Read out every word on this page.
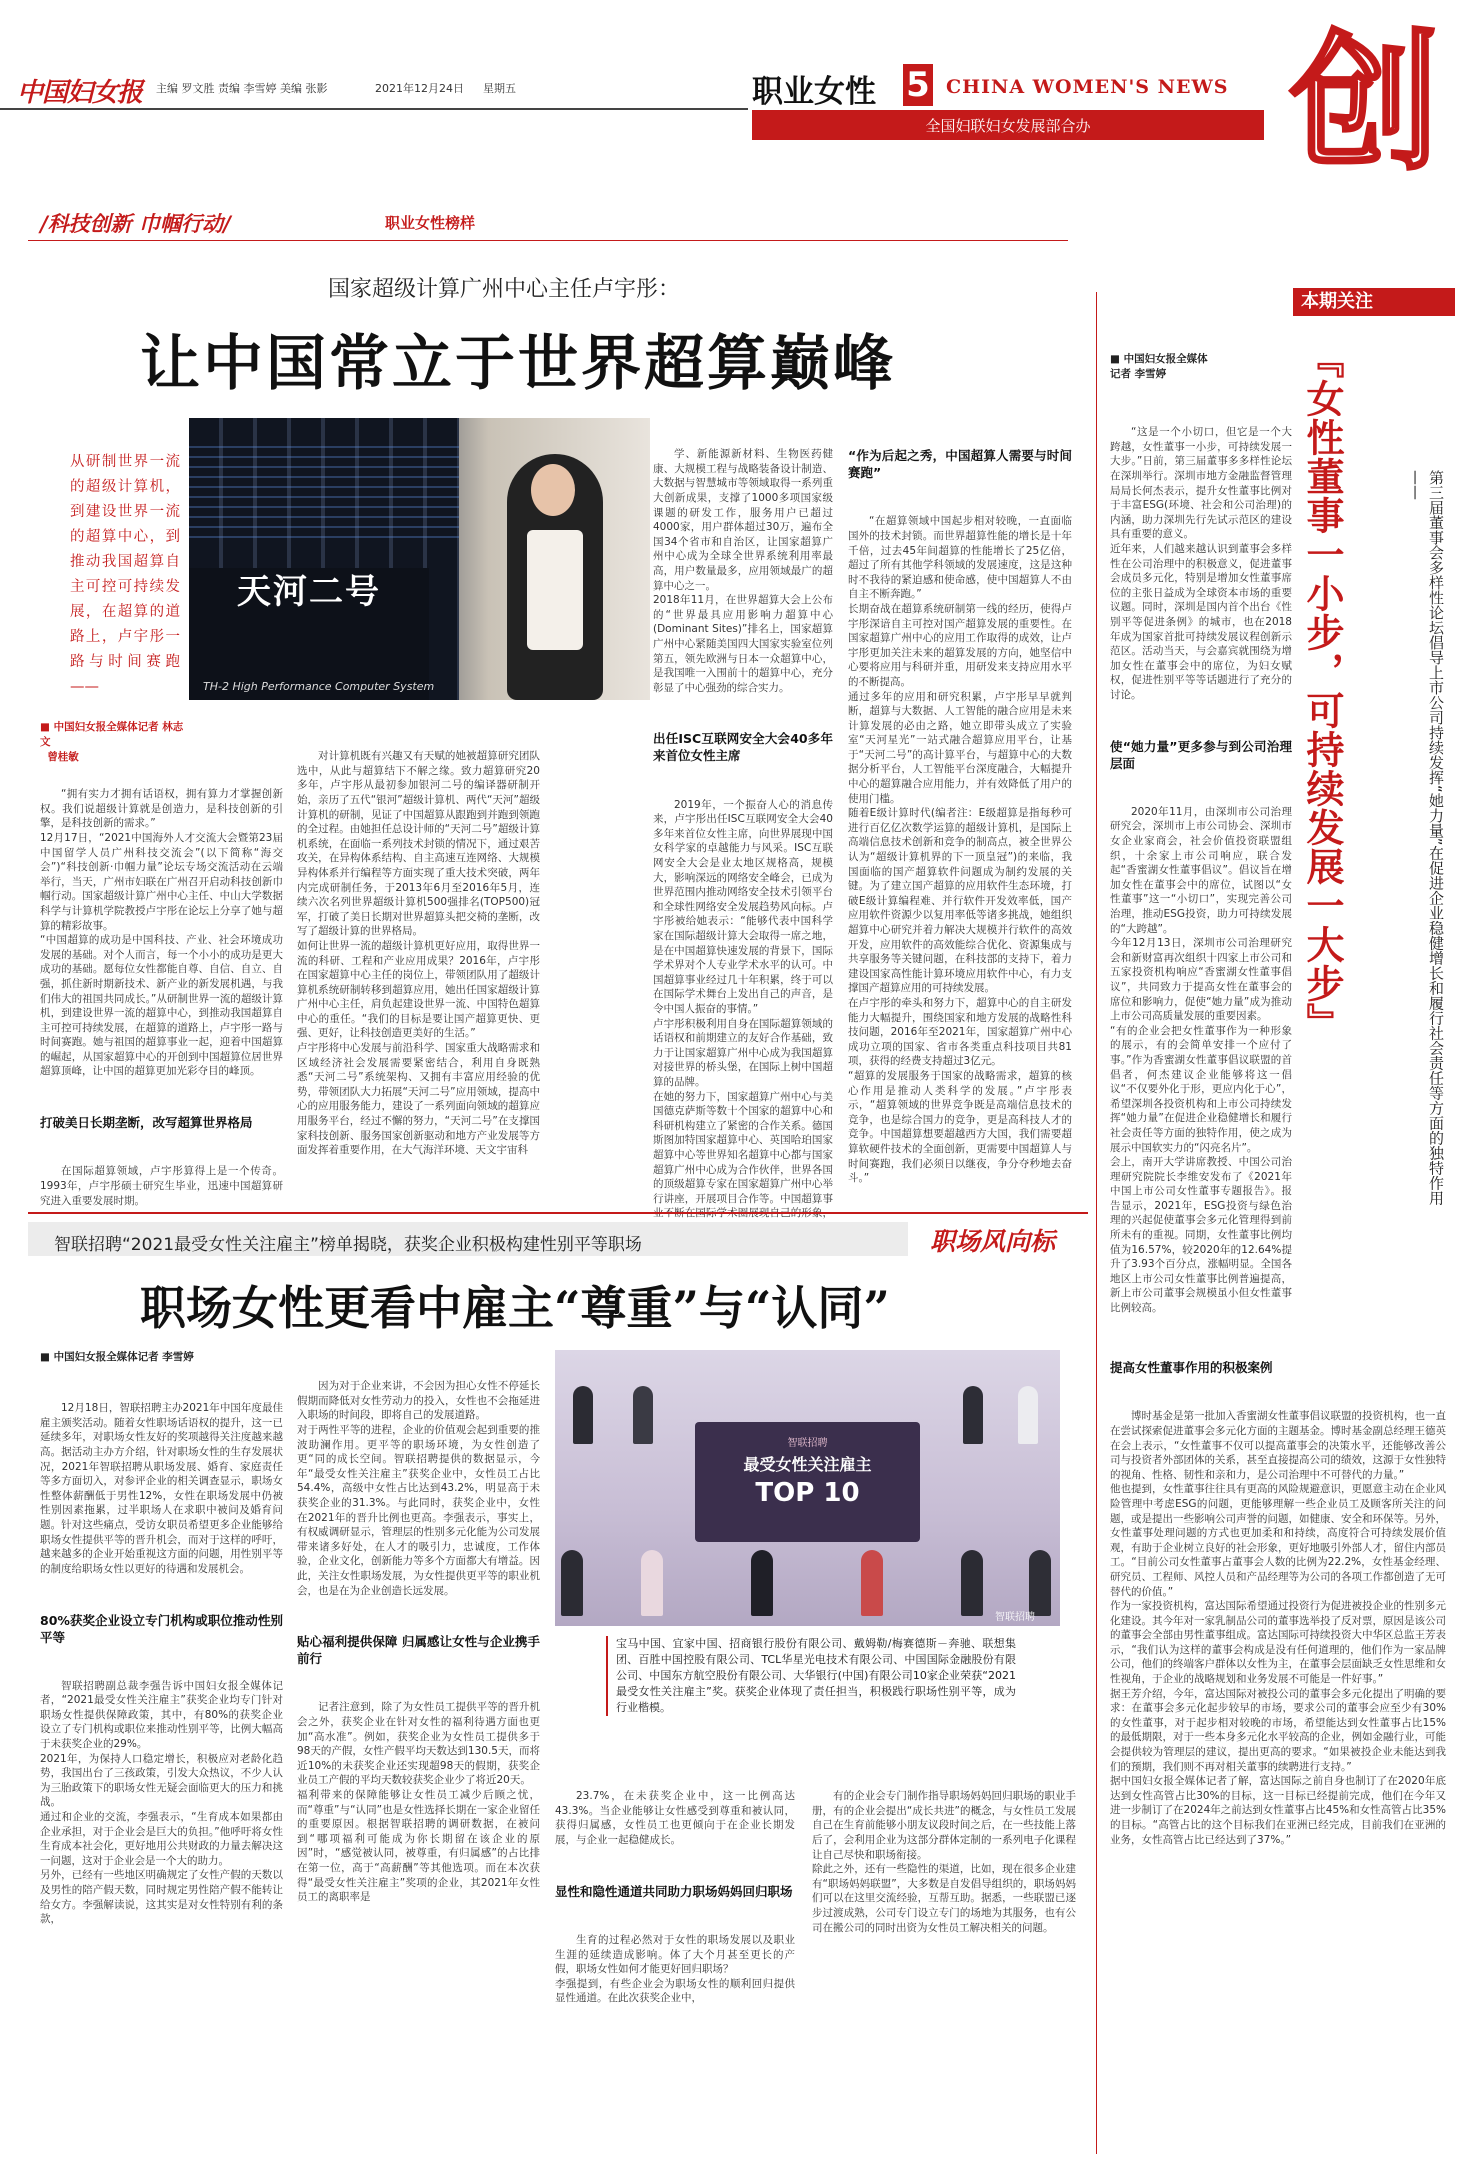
中国妇女报 主编 罗文胜 责编 李雪婷 美编 张影	2021年12月24日 星期五	职业女性 5 CHINA WOMEN'S NEWS
全国妇联妇女发展部合办	创
/科技创新 巾帼行动/	职业女性榜样
国家超级计算广州中心主任卢宇彤：
让中国常立于世界超算巅峰
天河二号
TH-2 High Performance Computer System
从研制世界一流的超级计算机，到建设世界一流的超算中心，到推动我国超算自主可控可持续发展，在超算的道路上，卢宇彤一路与时间赛跑——
■ 中国妇女报全媒体记者 林志文
曾桂敏

“拥有实力才拥有话语权，拥有算力才掌握创新权。我们说超级计算就是创造力，是科技创新的引擎，是科技创新的需求。”
12月17日，“2021中国海外人才交流大会暨第23届中国留学人员广州科技交流会”(以下简称“海交会”)“科技创新·巾帼力量”论坛专场交流活动在云端举行，当天，广州市妇联在广州召开启动科技创新巾帼行动。国家超级计算广州中心主任、中山大学数据科学与计算机学院教授卢宇彤在论坛上分享了她与超算的精彩故事。
“中国超算的成功是中国科技、产业、社会环境成功发展的基础。对个人而言，每一个小小的成功是更大成功的基础。愿每位女性都能自尊、自信、自立、自强，抓住新时期新技术、新产业的新发展机遇，与我们伟大的祖国共同成长。”从研制世界一流的超级计算机，到建设世界一流的超算中心，到推动我国超算自主可控可持续发展，在超算的道路上，卢宇彤一路与时间赛跑。她与祖国的超算事业一起，迎着中国超算的崛起，从国家超算中心的开创到中国超算位居世界超算顶峰，让中国的超算更加光彩夺目的峰顶。

打破美日长期垄断，改写超算世界格局

在国际超算领域，卢宇彤算得上是一个传奇。1993年，卢宇彤硕士研究生毕业，迅速中国超算研究进入重要发展时期。

对计算机既有兴趣又有天赋的她被超算研究团队选中，从此与超算结下不解之缘。致力超算研究20多年，卢宇彤从最初参加银河二号的编译器研制开始，亲历了五代“银河”超级计算机、两代“天河”超级计算机的研制，见证了中国超算从跟跑到并跑到领跑的全过程。由她担任总设计师的“天河二号”超级计算机系统，在面临一系列技术封锁的情况下，通过艰苦攻关，在异构体系结构、自主高速互连网络、大规模异构体系并行编程等方面实现了重大技术突破，两年内完成研制任务，于2013年6月至2016年5月，连续六次名列世界超级计算机500强排名(TOP500)冠军，打破了美日长期对世界超算头把交椅的垄断，改写了超级计算的世界格局。
如何让世界一流的超级计算机更好应用，取得世界一流的科研、工程和产业应用成果？2016年，卢宇彤在国家超算中心主任的岗位上，带领团队用了超级计算机系统研制转移到超算应用，她出任国家超级计算广州中心主任，肩负起建设世界一流、中国特色超算中心的重任。“我们的目标是要让国产超算更快、更强、更好，让科技创造更美好的生活。”
卢宇彤将中心发展与前沿科学、国家重大战略需求和区域经济社会发展需要紧密结合，利用自身既熟悉“天河二号”系统架构、又拥有丰富应用经验的优势，带领团队大力拓展“天河二号”应用领域，提高中心的应用服务能力，建设了一系列面向领域的超算应用服务平台，经过不懈的努力，“天河二号”在支撑国家科技创新、服务国家创新驱动和地方产业发展等方面发挥着重要作用，在大气海洋环境、天文宇宙科

学、新能源新材料、生物医药健康、大规模工程与战略装备设计制造、大数据与智慧城市等领域取得一系列重大创新成果，支撑了1000多项国家级课题的研发工作，服务用户已超过4000家，用户群体超过30万，遍布全国34个省市和自治区，让国家超算广州中心成为全球全世界系统利用率最高，用户数量最多，应用领域最广的超算中心之一。
2018年11月，在世界超算大会上公布的“世界最具应用影响力超算中心(Dominant Sites)”排名上，国家超算广州中心紧随美国四大国家实验室位列第五，领先欧洲与日本一众超算中心，是我国唯一入围前十的超算中心，充分彰显了中心强劲的综合实力。

出任ISC互联网安全大会40多年来首位女性主席

2019年，一个振奋人心的消息传来，卢宇彤出任ISC互联网安全大会40多年来首位女性主席，向世界展现中国女科学家的卓越能力与风采。ISC互联网安全大会是业太地区规格高，规模大，影响深远的网络安全峰会，已成为世界范围内推动网络安全技术引领平台和全球性网络安全发展趋势风向标。卢宇彤被给她表示：“能够代表中国科学家在国际超级计算大会取得一席之地，是在中国超算快速发展的背景下，国际学术界对个人专业学术水平的认可。中国超算事业经过几十年积累，终于可以在国际学术舞台上发出自己的声音，是令中国人振奋的事情。”
卢宇彤积极利用自身在国际超算领域的话语权和前期建立的友好合作基础，致力于让国家超算广州中心成为我国超算对接世界的桥头堡，在国际上树中国超算的品牌。
在她的努力下，国家超算广州中心与美国德克萨斯等数十个国家的超算中心和科研机构建立了紧密的合作关系。德国斯图加特国家超算中心、英国哈珀国家超算中心等世界知名超算中心都与国家超算广州中心成为合作伙伴，世界各国的顶级超算专家在国家超算广州中心举行讲座，开展项目合作等。中国超算事

“作为后起之秀，中国超算人需要与时间赛跑”

“在超算领域中国起步相对较晚，一直面临国外的技术封锁。而世界超算性能的增长是十年千倍，过去45年间超算的性能增长了25亿倍，超过了所有其他学科领域的发展速度，这是这种时不我待的紧迫感和使命感，使中国超算人不由自主不断奔跑。”
长期奋战在超算系统研制第一线的经历，使得卢宇彤深谙自主可控对国产超算发展的重要性。在国家超算广州中心的应用工作取得的成效，让卢宇彤更加关注未来的超算发展的方向，她坚信中心要将应用与科研并重，用研发来支持应用水平的不断提高。
通过多年的应用和研究积累，卢宇彤早早就判断，超算与大数据、人工智能的融合应用是未来计算发展的必由之路，她立即带头成立了实验室“天河星光”一站式融合超算应用平台，让基于“天河二号”的高计算平台，与超算中心的大数据分析平台，人工智能平台深度融合，大幅提升中心的超算融合应用能力，并有效降低了用户的使用门槛。
随着E级计算时代(编者注：E级超算是指每秒可进行百亿亿次数学运算的超级计算机，是国际上高端信息技术创新和竞争的制高点，被全世界公认为“超级计算机界的下一顶皇冠”)的来临，我国面临的国产超算软件问题成为制约发展的关键。为了建立国产超算的应用软件生态环境，打破E级计算编程难、并行软件开发效率低，国产应用软件资源少以复用率低等诸多挑战，她组织超算中心研究并着力解决大规模并行软件的高效开发，应用软件的高效能综合优化、资源集成与共享服务等关键问题，在科技部的支持下，着力建设国家高性能计算环境应用软件中心，有力支撑国产超算应用的可持续发展。
在卢宇彤的牵头和努力下，超算中心的自主研发能力大幅提升，围绕国家和地方发展的战略性科技问题，2016年至2021年，国家超算广州中心成功立项的国家、省市各类重点科技项目共81项，获得的经费支持超过3亿元。
“超算的发展服务于国家的战略需求，超算的核心作用是推动人类科学的发展。”卢宇彤表示，“超算领域的世界竞争既是高端信息技术的竞争，也是综合国力的竞争，更是高科技人才的竞争。中国超算想要超越西方大国，我们需要超算软硬件技术的全面创新，更需要中国超算人与时间赛跑，我们必须日以继夜，争分夺秒地去奋斗。”

本期关注
『女性董事一小步，可持续发展一大步』	第三届董事会多样性论坛倡导上市公司持续发挥“她力量”在促进企业稳健增长和履行社会责任等方面的独特作用——
■ 中国妇女报全媒体
记者 李雪婷

“这是一个小切口，但它是一个大跨越，女性董事一小步，可持续发展一大步。”日前，第三届董事多多样性论坛在深圳举行。深圳市地方金融监督管理局局长何杰表示，提升女性董事比例对于丰富ESG(环境、社会和公司治理)的内涵，助力深圳先行先试示范区的建设具有重要的意义。
近年来，人们越来越认识到董事会多样性在公司治理中的积极意义，促进董事会成员多元化，特别是增加女性董事席位的主张日益成为全球资本市场的重要议题。同时，深圳是国内首个出台《性别平等促进条例》的城市，也在2018年成为国家首批可持续发展议程创新示范区。活动当天，与会嘉宾就围绕为增加女性在董事会中的席位，为妇女赋权，促进性别平等等话题进行了充分的讨论。

使“她力量”更多参与到公司治理层面

2020年11月，由深圳市公司治理研究会，深圳市上市公司协会、深圳市女企业家商会，社会价值投资联盟组织，十余家上市公司响应，联合发起“香蜜湖女性董事倡议”。倡议旨在增加女性在董事会中的席位，试图以“女性董事”这一“小切口”，实现完善公司治理，推动ESG投资，助力可持续发展的“大跨越”。
今年12月13日，深圳市公司治理研究会和新财富再次组织十四家上市公司和五家投资机构响应“香蜜湖女性董事倡议”，共同致力于提高女性在董事会的席位和影响力，促使“她力量”成为推动上市公司高质量发展的重要因素。
“有的企业会把女性董事作为一种形象的展示，有的会简单安排一个应付了事。”作为香蜜湖女性董事倡议联盟的首倡者，何杰建议企业能够将这一倡议“不仅要外化于形，更应内化于心”，希望深圳各投资机构和上市公司持续发挥“她力量”在促进企业稳健增长和履行社会责任等方面的独特作用，使之成为展示中国软实力的“闪亮名片”。
会上，南开大学讲席教授、中国公司治理研究院院长李维安发布了《2021年中国上市公司女性董事专题报告》。报告显示，2021年，ESG投资与绿色治理的兴起促使董事会多元化管理得到前所未有的重视。同期，女性董事比例均值为16.57%，较2020年的12.64%提升了3.93个百分点，涨幅明显。全国各地区上市公司女性董事比例普遍提高，新上市公司董事会规模虽小但女性董事比例较高。

提高女性董事作用的积极案例

博时基金是第一批加入香蜜湖女性董事倡议联盟的投资机构，也一直在尝试探索促进董事会多元化方面的主题基金。博时基金副总经理王德英在会上表示，“女性董事不仅可以提高董事会的决策水平，还能够改善公司与投资者外部团体的关系，甚至直接提高公司的绩效，这源于女性独特的视角、性格、韧性和亲和力，是公司治理中不可替代的力量。”
他也提到，女性董事往往具有更高的风险规避意识，更愿意主动在企业风险管理中考虑ESG的问题，更能够理解一些企业员工及顾客所关注的问题，或是提出一些影响公司声誉的问题，如健康、安全和环保等。另外，女性董事处理问题的方式也更加柔和和持续，高度符合可持续发展价值观，有助于企业树立良好的社会形象，更好地吸引外部人才，留住内部员工。“目前公司女性董事占董事会人数的比例为22.2%，女性基金经理、研究员、工程师、风控人员和产品经理等为公司的各项工作都创造了无可替代的价值。”
作为一家投资机构，富达国际希望通过投资行为促进被投企业的性别多元化建设。其今年对一家乳制品公司的董事选举投了反对票，原因是该公司的董事会全部由男性董事组成。富达国际可持续投资大中华区总监王芳表示，“我们认为这样的董事会构成是没有任何道理的，他们作为一家品牌公司，他们的终端客户群体以女性为主，在董事会层面缺乏女性思维和女性视角，于企业的战略规划和业务发展不可能是一件好事。”
据王芳介绍，今年，富达国际对被投公司的董事会多元化提出了明确的要求：在董事会多元化起步较早的市场，要求公司的董事会应至少有30%的女性董事，对于起步相对较晚的市场，希望能达到女性董事占比15%的最低期限，对于一些本身多元化水平较高的企业，例如金融行业，可能会提供较为管理层的建议，提出更高的要求。“如果被投企业未能达到我们的预期，我们则不再对相关董事的续聘进行支持。”
据中国妇女报全媒体记者了解，富达国际之前自身也制订了在2020年底达到女性高管占比30%的目标，这一目标已经提前完成，他们在今年又进一步制订了在2024年之前达到女性董事占比45%和女性高管占比35%的目标。“高管占比的这个目标我们在亚洲已经完成，目前我们在亚洲的业务，女性高管占比已经达到了37%。”

智联招聘“2021最受女性关注雇主”榜单揭晓，获奖企业积极构建性别平等职场	职场风向标
职场女性更看中雇主“尊重”与“认同”
■ 中国妇女报全媒体记者 李雪婷

12月18日，智联招聘主办2021年中国年度最佳雇主颁奖活动。随着女性职场话语权的提升，这一已延续多年，对职场女性友好的奖项越得关注度越来越高。据活动主办方介绍，针对职场女性的生存发展状况，2021年智联招聘从职场发展、婚育、家庭责任等多方面切入，对参评企业的相关调查显示，职场女性整体薪酬低于男性12%，女性在职场发展中仍被性别因素拖累，过半职场人在求职中被问及婚育问题。针对这些痛点，受访女职员希望更多企业能够给职场女性提供平等的晋升机会，而对于这样的呼吁，越来越多的企业开始重视这方面的问题，用性别平等的制度给职场女性以更好的待遇和发展机会。

80%获奖企业设立专门机构或职位推动性别平等

智联招聘副总裁李强告诉中国妇女报全媒体记者，“2021最受女性关注雇主”获奖企业均专门针对职场女性提供保障政策，其中，有80%的获奖企业设立了专门机构或职位来推动性别平等，比例大幅高于未获奖企业的29%。
2021年，为保持人口稳定增长，积极应对老龄化趋势，我国出台了三孩政策，引发大众热议，不少人认为三胎政策下的职场女性无疑会面临更大的压力和挑战。
通过和企业的交流，李强表示，“生育成本如果都由企业承担，对于企业会是巨大的负担。”他呼吁将女性生育成本社会化，更好地用公共财政的力量去解决这一问题，这对于企业会是一个大的助力。
另外，已经有一些地区明确规定了女性产假的天数以及男性的陪产假天数，同时规定男性陪产假不能转让给女方。李强解读说，这其实是对女性特别有利的条款，

因为对于企业来讲，不会因为担心女性不停延长假期而降低对女性劳动力的投入，女性也不会拖延进入职场的时间段，即将自己的发展道路。
对于两性平等的进程，企业的价值观会起到重要的推波助澜作用。更平等的职场环境，为女性创造了更“同的成长空间。智联招聘提供的数据显示，今年“最受女性关注雇主”获奖企业中，女性员工占比54.4%，高级中女性占比达到43.2%，明显高于未获奖企业的31.3%。与此同时，获奖企业中，女性在2021年的晋升比例也更高。李强表示，事实上，有权威调研显示，管理层的性别多元化能为公司发展带来诸多好处，在人才的吸引力，忠诚度，工作体验，企业文化，创新能力等多个方面都大有增益。因此，关注女性职场发展，为女性提供更平等的职业机会，也是在为企业创造长远发展。

贴心福利提供保障 归属感让女性与企业携手前行

记者注意到，除了为女性员工提供平等的晋升机会之外，获奖企业在针对女性的福利待遇方面也更加“高水准”。例如，获奖企业为女性员工提供多于98天的产假，女性产假平均天数达到130.5天，而将近10%的未获奖企业还实现超98天的假期，获奖企业员工产假的平均天数较获奖企业少了将近20天。
福利带来的保障能够让女性员工减少后顾之忧，而“尊重”与“认同”也是女性选择长期在一家企业留任的重要原因。根据智联招聘的调研数据，在被问到“哪项福利可能成为你长期留在该企业的原因”时，“感觉被认同，被尊重，有归属感”的占比排在第一位，高于“高薪酬”等其他选项。而在本次获得“最受女性关注雇主”奖项的企业，其2021年女性员工的离职率是

智联招聘
最受女性关注雇主
TOP 10
智联招聘
宝马中国、宜家中国、招商银行股份有限公司、戴姆勒/梅赛德斯－奔驰、联想集团、百胜中国控股有限公司、TCL华星光电技术有限公司、中国国际金融股份有限公司、中国东方航空股份有限公司、大华银行(中国)有限公司10家企业荣获“2021最受女性关注雇主”奖。获奖企业体现了责任担当，积极践行职场性别平等，成为行业楷模。

23.7%，在未获奖企业中，这一比例高达43.3%。当企业能够让女性感受到尊重和被认同，获得归属感，女性员工也更倾向于在企业长期发展，与企业一起稳健成长。

显性和隐性通道共同助力职场妈妈回归职场

生育的过程必然对于女性的职场发展以及职业生涯的延续造成影响。体了大个月甚至更长的产假，职场女性如何才能更好回归职场？
李强提到，有些企业会为职场女性的顺利回归提供显性通道。在此次获奖企业中，

有的企业会专门制作指导职场妈妈回归职场的职业手册，有的企业会提出“成长共进”的概念，与女性员工发展自己在生育前能够小朋友议段时间之后，在一些技能上落后了，会利用企业为这部分群体定制的一系列电子化课程让自己尽快和职场衔接。
除此之外，还有一些隐性的渠道，比如，现在很多企业建有“职场妈妈联盟”，大多数是自发倡导组织的，职场妈妈们可以在这里交流经验，互帮互助。据悉，一些联盟已逐步过渡成熟，公司专门设立专门的场地为其服务，也有公司在搬公司的同时出资为女性员工解决相关的问题。
